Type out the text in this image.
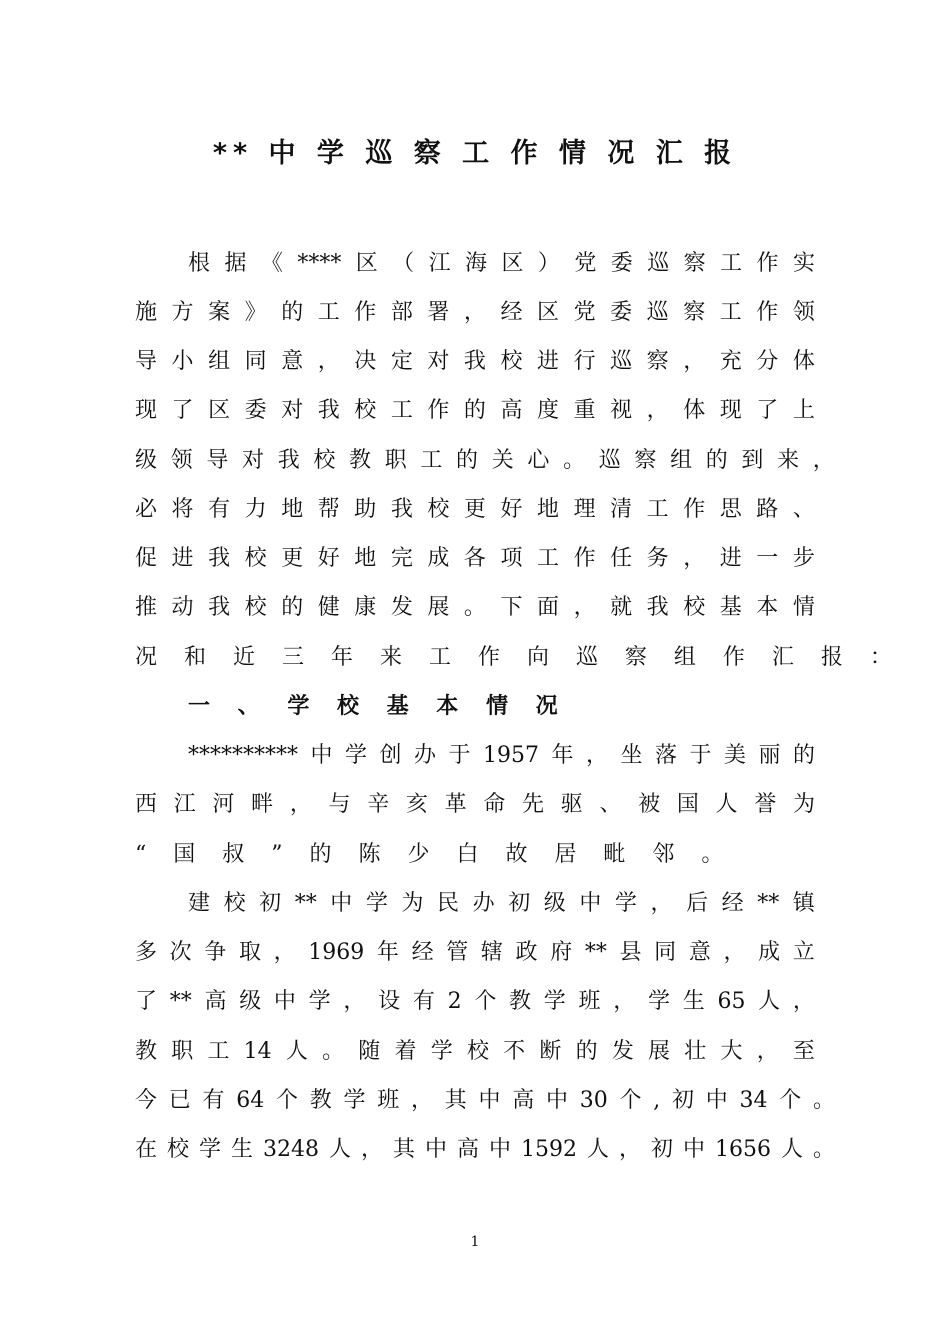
** 中 学 巡 察 工 作 情 况 汇 报
根 据 《 **** 区 （ 江 海 区 ） 党 委 巡 察 工 作 实
施 方 案 》 的 工 作 部 署 ， 经 区 党 委 巡 察 工 作 领
导 小 组 同 意 ， 决 定 对 我 校 进 行 巡 察 ， 充 分 体
现 了 区 委 对 我 校 工 作 的 高 度 重 视 ， 体 现 了 上
级 领 导 对 我 校 教 职 工 的 关 心 。 巡 察 组 的 到 来 ，
必 将 有 力 地 帮 助 我 校 更 好 地 理 清 工 作 思 路 、
促 进 我 校 更 好 地 完 成 各 项 工 作 任 务 ， 进 一 步
推 动 我 校 的 健 康 发 展 。 下 面 ， 就 我 校 基 本 情
况 和 近 三 年 来 工 作 向 巡 察 组 作 汇 报 ：
一 、 学 校 基 本 情 况
********** 中 学 创 办 于 1957 年 ， 坐 落 于 美 丽 的
西 江 河 畔 ， 与 辛 亥 革 命 先 驱 、 被 国 人 誉 为
“ 国 叔 ” 的 陈 少 白 故 居 毗 邻 。
建 校 初 ** 中 学 为 民 办 初 级 中 学 ， 后 经 ** 镇
多 次 争 取 ， 1969 年 经 管 辖 政 府 ** 县 同 意 ， 成 立
了 ** 高 级 中 学 ， 设 有 2 个 教 学 班 ， 学 生 65 人 ，
教 职 工 14 人 。 随 着 学 校 不 断 的 发 展 壮 大 ， 至
今 已 有 64 个 教 学 班 ， 其 中 高 中 30 个 , 初 中 34 个 。
在 校 学 生 3248 人 ， 其 中 高 中 1592 人 ， 初 中 1656 人 。
1
